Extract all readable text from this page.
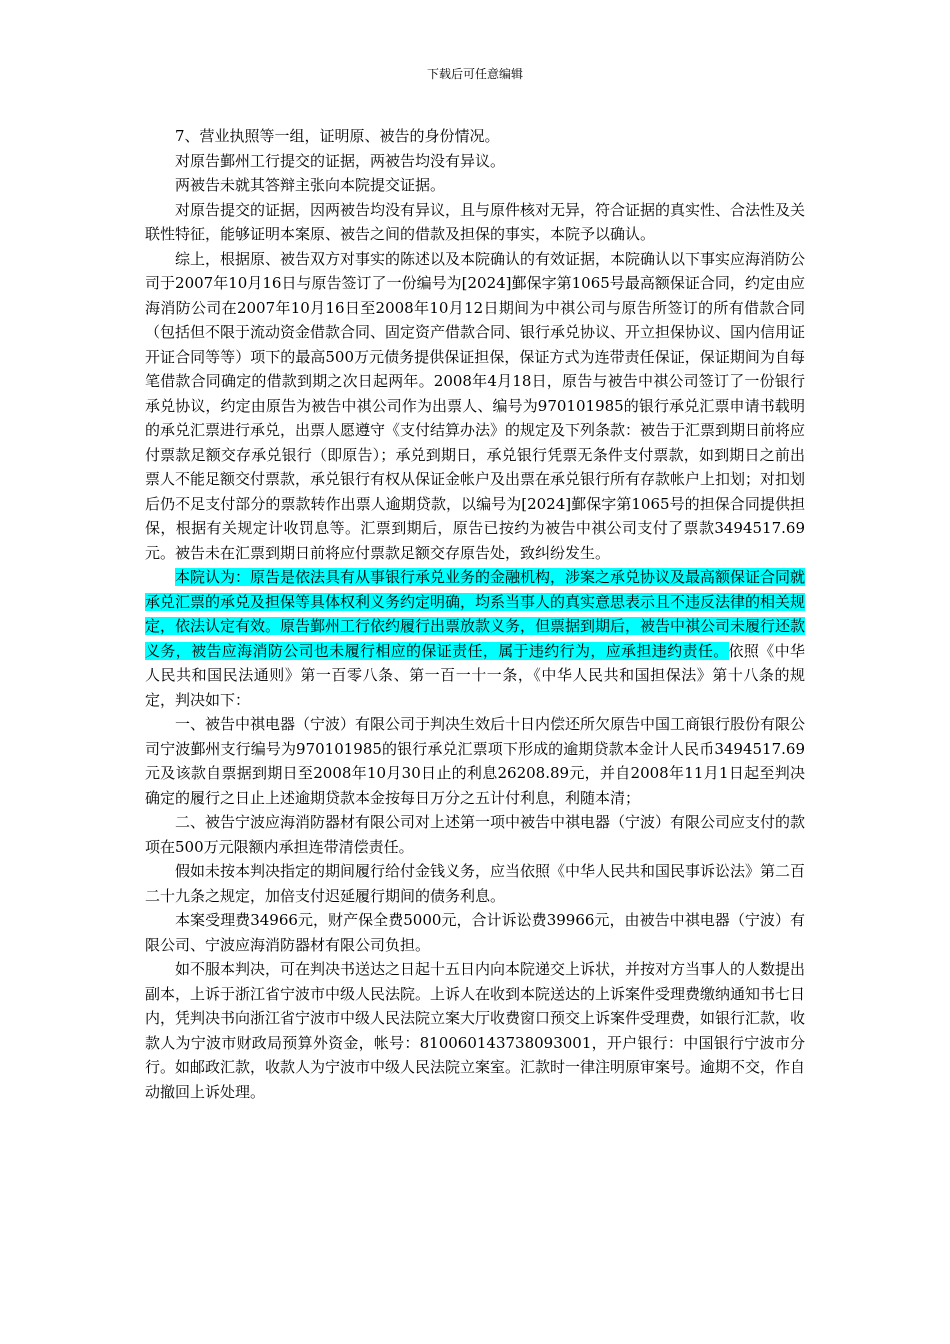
下载后可任意编辑

7、营业执照等一组，证明原、被告的身份情况。

对原告鄞州工行提交的证据，两被告均没有异议。

两被告未就其答辩主张向本院提交证据。

对原告提交的证据，因两被告均没有异议，且与原件核对无异，符合证据的真实性、合法性及关联性特征，能够证明本案原、被告之间的借款及担保的事实，本院予以确认。

综上，根据原、被告双方对事实的陈述以及本院确认的有效证据，本院确认以下事实应海消防公司于2007年10月16日与原告签订了一份编号为[2024]鄞保字第1065号最高额保证合同，约定由应海消防公司在2007年10月16日至2008年10月12日期间为中祺公司与原告所签订的所有借款合同（包括但不限于流动资金借款合同、固定资产借款合同、银行承兑协议、开立担保协议、国内信用证开证合同等等）项下的最高500万元债务提供保证担保，保证方式为连带责任保证，保证期间为自每笔借款合同确定的借款到期之次日起两年。2008年4月18日，原告与被告中祺公司签订了一份银行承兑协议，约定由原告为被告中祺公司作为出票人、编号为970101985的银行承兑汇票申请书载明的承兑汇票进行承兑，出票人愿遵守《支付结算办法》的规定及下列条款：被告于汇票到期日前将应付票款足额交存承兑银行（即原告）；承兑到期日，承兑银行凭票无条件支付票款，如到期日之前出票人不能足额交付票款，承兑银行有权从保证金帐户及出票在承兑银行所有存款帐户上扣划；对扣划后仍不足支付部分的票款转作出票人逾期贷款，以编号为[2024]鄞保字第1065号的担保合同提供担保，根据有关规定计收罚息等。汇票到期后，原告已按约为被告中祺公司支付了票款3494517.69元。被告未在汇票到期日前将应付票款足额交存原告处，致纠纷发生。

本院认为：原告是依法具有从事银行承兑业务的金融机构，涉案之承兑协议及最高额保证合同就承兑汇票的承兑及担保等具体权利义务约定明确，均系当事人的真实意思表示且不违反法律的相关规定，依法认定有效。原告鄞州工行依约履行出票放款义务，但票据到期后，被告中祺公司未履行还款义务，被告应海消防公司也未履行相应的保证责任，属于违约行为，应承担违约责任。依照《中华人民共和国民法通则》第一百零八条、第一百一十一条，《中华人民共和国担保法》第十八条的规定，判决如下：

一、被告中祺电器（宁波）有限公司于判决生效后十日内偿还所欠原告中国工商银行股份有限公司宁波鄞州支行编号为970101985的银行承兑汇票项下形成的逾期贷款本金计人民币3494517.69元及该款自票据到期日至2008年10月30日止的利息26208.89元，并自2008年11月1日起至判决确定的履行之日止上述逾期贷款本金按每日万分之五计付利息，利随本清；

二、被告宁波应海消防器材有限公司对上述第一项中被告中祺电器（宁波）有限公司应支付的款项在500万元限额内承担连带清偿责任。

假如未按本判决指定的期间履行给付金钱义务，应当依照《中华人民共和国民事诉讼法》第二百二十九条之规定，加倍支付迟延履行期间的债务利息。

本案受理费34966元，财产保全费5000元，合计诉讼费39966元，由被告中祺电器（宁波）有限公司、宁波应海消防器材有限公司负担。

如不服本判决，可在判决书送达之日起十五日内向本院递交上诉状，并按对方当事人的人数提出副本，上诉于浙江省宁波市中级人民法院。上诉人在收到本院送达的上诉案件受理费缴纳通知书七日内，凭判决书向浙江省宁波市中级人民法院立案大厅收费窗口预交上诉案件受理费，如银行汇款，收款人为宁波市财政局预算外资金，帐号：810060143738093001，开户银行：中国银行宁波市分行。如邮政汇款，收款人为宁波市中级人民法院立案室。汇款时一律注明原审案号。逾期不交，作自动撤回上诉处理。
